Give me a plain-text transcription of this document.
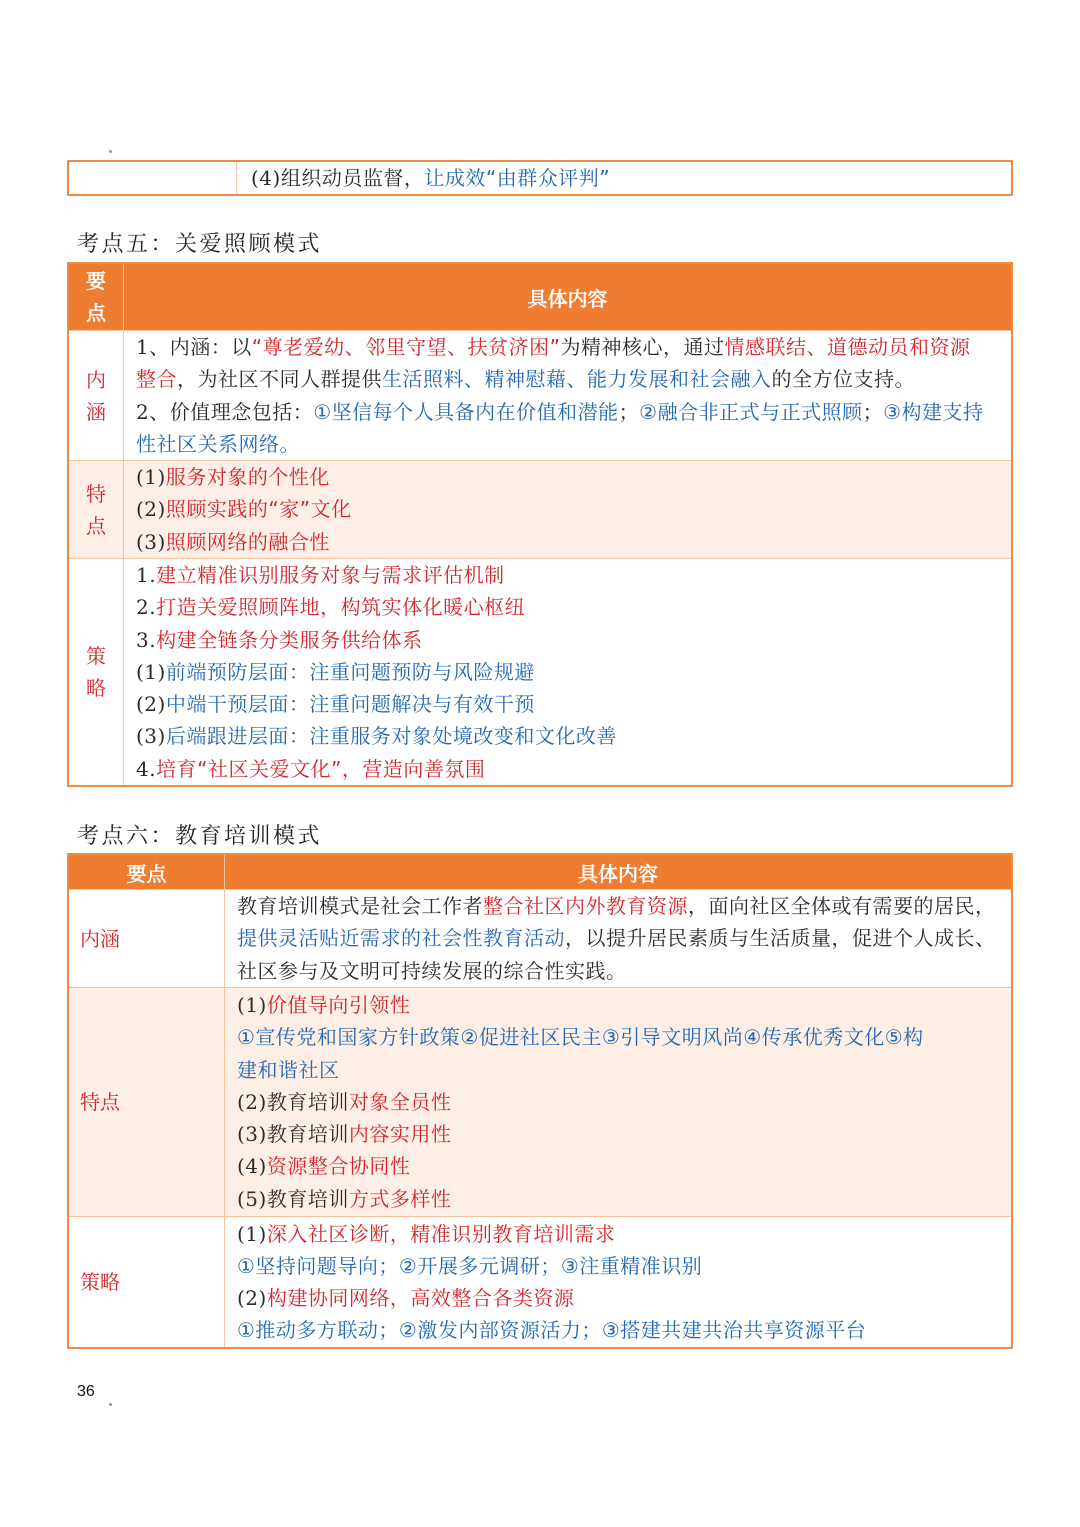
(4)组织动员监督，让成效“由群众评判”
考点五：关爱照顾模式
要点
具体内容
内涵
1、内涵：以“尊老爱幼、邻里守望、扶贫济困”为精神核心，通过情感联结、道德动员和资源
整合，为社区不同人群提供生活照料、精神慰藉、能力发展和社会融入的全方位支持。
2、价值理念包括：①坚信每个人具备内在价值和潜能；②融合非正式与正式照顾；③构建支持
性社区关系网络。
特点
(1)服务对象的个性化
(2)照顾实践的“家”文化
(3)照顾网络的融合性
策略
1.建立精准识别服务对象与需求评估机制
2.打造关爱照顾阵地，构筑实体化暖心枢纽
3.构建全链条分类服务供给体系
(1)前端预防层面：注重问题预防与风险规避
(2)中端干预层面：注重问题解决与有效干预
(3)后端跟进层面：注重服务对象处境改变和文化改善
4.培育“社区关爱文化”，营造向善氛围
考点六：教育培训模式
要点	具体内容
内涵
教育培训模式是社会工作者整合社区内外教育资源，面向社区全体或有需要的居民，
提供灵活贴近需求的社会性教育活动，以提升居民素质与生活质量，促进个人成长、
社区参与及文明可持续发展的综合性实践。
特点
(1)价值导向引领性
①宣传党和国家方针政策②促进社区民主③引导文明风尚④传承优秀文化⑤构
建和谐社区
(2)教育培训对象全员性
(3)教育培训内容实用性
(4)资源整合协同性
(5)教育培训方式多样性
策略
(1)深入社区诊断，精准识别教育培训需求
①坚持问题导向；②开展多元调研；③注重精准识别
(2)构建协同网络，高效整合各类资源
①推动多方联动；②激发内部资源活力；③搭建共建共治共享资源平台
36
